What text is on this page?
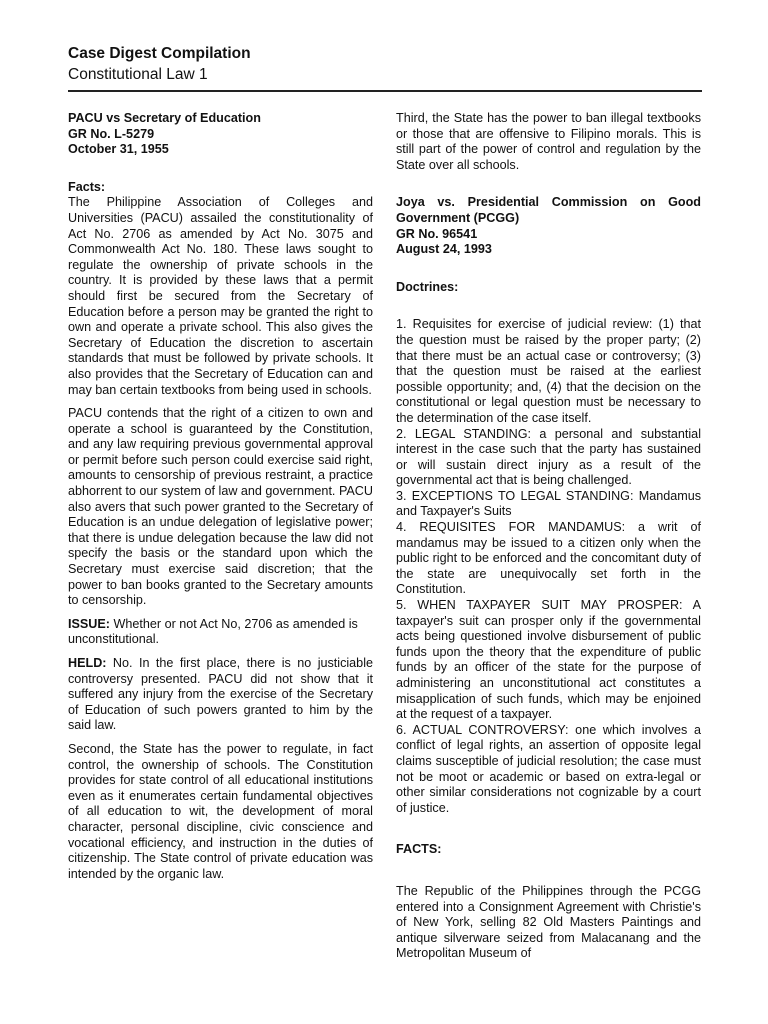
Case Digest Compilation
Constitutional Law 1

PACU vs Secretary of Education

GR No. L-5279

October 31, 1955

Facts:

The Philippine Association of Colleges and Universities (PACU) assailed the constitutionality of Act No. 2706 as amended by Act No. 3075 and Commonwealth Act No. 180. These laws sought to regulate the ownership of private schools in the country. It is provided by these laws that a permit should first be secured from the Secretary of Education before a person may be granted the right to own and operate a private school. This also gives the Secretary of Education the discretion to ascertain standards that must be followed by private schools. It also provides that the Secretary of Education can and may ban certain textbooks from being used in schools.

PACU contends that the right of a citizen to own and operate a school is guaranteed by the Constitution, and any law requiring previous governmental approval or permit before such person could exercise said right, amounts to censorship of previous restraint, a practice abhorrent to our system of law and government. PACU also avers that such power granted to the Secretary of Education is an undue delegation of legislative power; that there is undue delegation because the law did not specify the basis or the standard upon which the Secretary must exercise said discretion; that the power to ban books granted to the Secretary amounts to censorship.

ISSUE: Whether or not Act No, 2706 as amended is unconstitutional.

HELD: No. In the first place, there is no justiciable controversy presented. PACU did not show that it suffered any injury from the exercise of the Secretary of Education of such powers granted to him by the said law.

Second, the State has the power to regulate, in fact control, the ownership of schools. The Constitution provides for state control of all educational institutions even as it enumerates certain fundamental objectives of all education to wit, the development of moral character, personal discipline, civic conscience and vocational efficiency, and instruction in the duties of citizenship. The State control of private education was intended by the organic law.

Third, the State has the power to ban illegal textbooks or those that are offensive to Filipino morals. This is still part of the power of control and regulation by the State over all schools.

Joya vs. Presidential Commission on Good Government (PCGG)

GR No. 96541

August 24, 1993

Doctrines:

1. Requisites for exercise of judicial review: (1) that the question must be raised by the proper party; (2) that there must be an actual case or controversy; (3) that the question must be raised at the earliest possible opportunity; and, (4) that the decision on the constitutional or legal question must be necessary to the determination of the case itself.

2. LEGAL STANDING: a personal and substantial interest in the case such that the party has sustained or will sustain direct injury as a result of the governmental act that is being challenged.

3. EXCEPTIONS TO LEGAL STANDING: Mandamus and Taxpayer's Suits

4. REQUISITES FOR MANDAMUS: a writ of mandamus may be issued to a citizen only when the public right to be enforced and the concomitant duty of the state are unequivocally set forth in the Constitution.

5. WHEN TAXPAYER SUIT MAY PROSPER: A taxpayer's suit can prosper only if the governmental acts being questioned involve disbursement of public funds upon the theory that the expenditure of public funds by an officer of the state for the purpose of administering an unconstitutional act constitutes a misapplication of such funds, which may be enjoined at the request of a taxpayer.

6. ACTUAL CONTROVERSY: one which involves a conflict of legal rights, an assertion of opposite legal claims susceptible of judicial resolution; the case must not be moot or academic or based on extra-legal or other similar considerations not cognizable by a court of justice.

FACTS:

The Republic of the Philippines through the PCGG entered into a Consignment Agreement with Christie's of New York, selling 82 Old Masters Paintings and antique silverware seized from Malacanang and the Metropolitan Museum of
